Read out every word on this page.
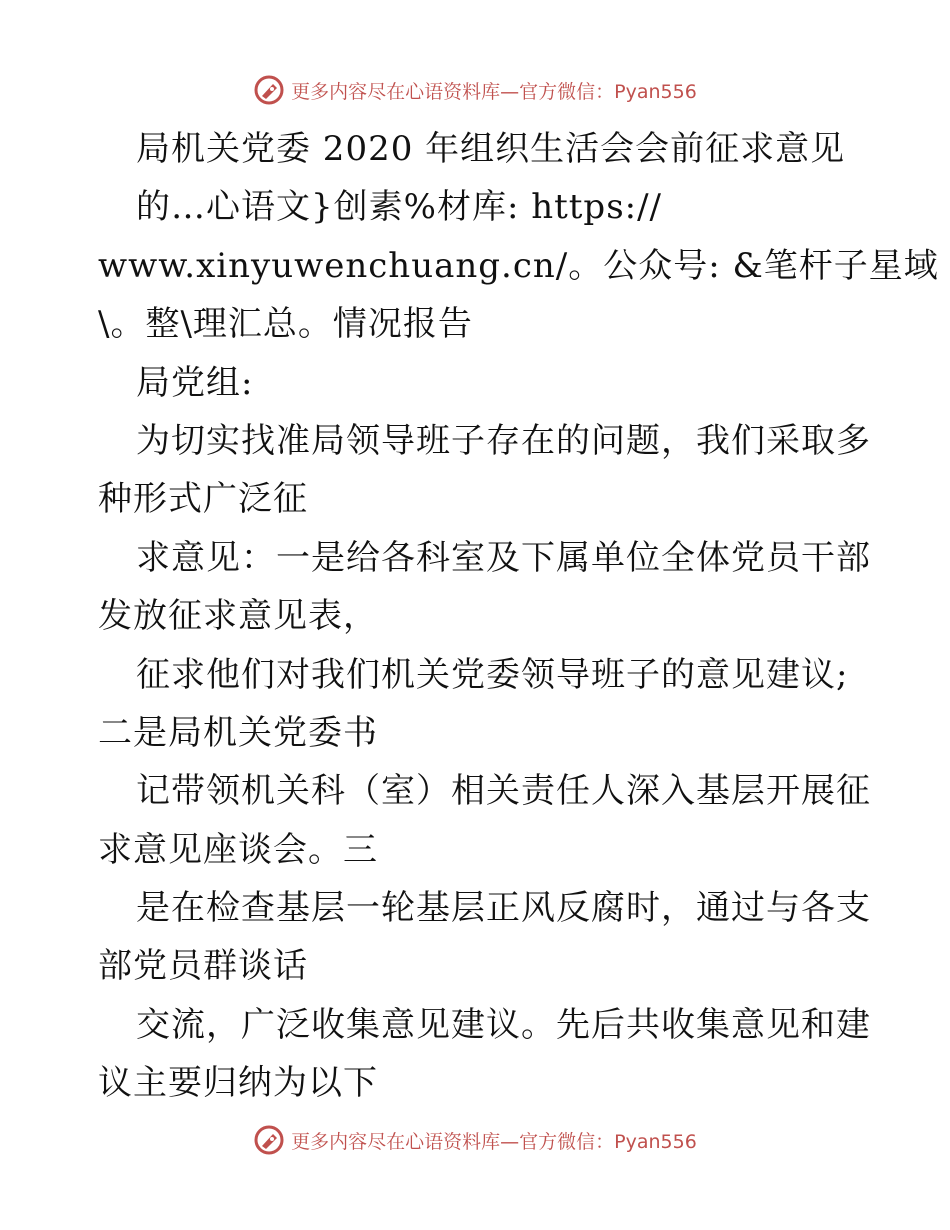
更多内容尽在心语资料库—官方微信：Pyan556
局机关党委 2020 年组织生活会会前征求意见
的…心语文}创素%材库: https://
www.xinyuwenchuang.cn/。公众号: &笔杆子星域
\。整\理汇总。情况报告
局党组:
为切实找准局领导班子存在的问题，我们采取多
种形式广泛征
求意见：一是给各科室及下属单位全体党员干部
发放征求意见表，
征求他们对我们机关党委领导班子的意见建议;
二是局机关党委书
记带领机关科（室）相关责任人深入基层开展征
求意见座谈会。三
是在检查基层一轮基层正风反腐时，通过与各支
部党员群谈话
交流，广泛收集意见建议。先后共收集意见和建
议主要归纳为以下
更多内容尽在心语资料库—官方微信：Pyan556
